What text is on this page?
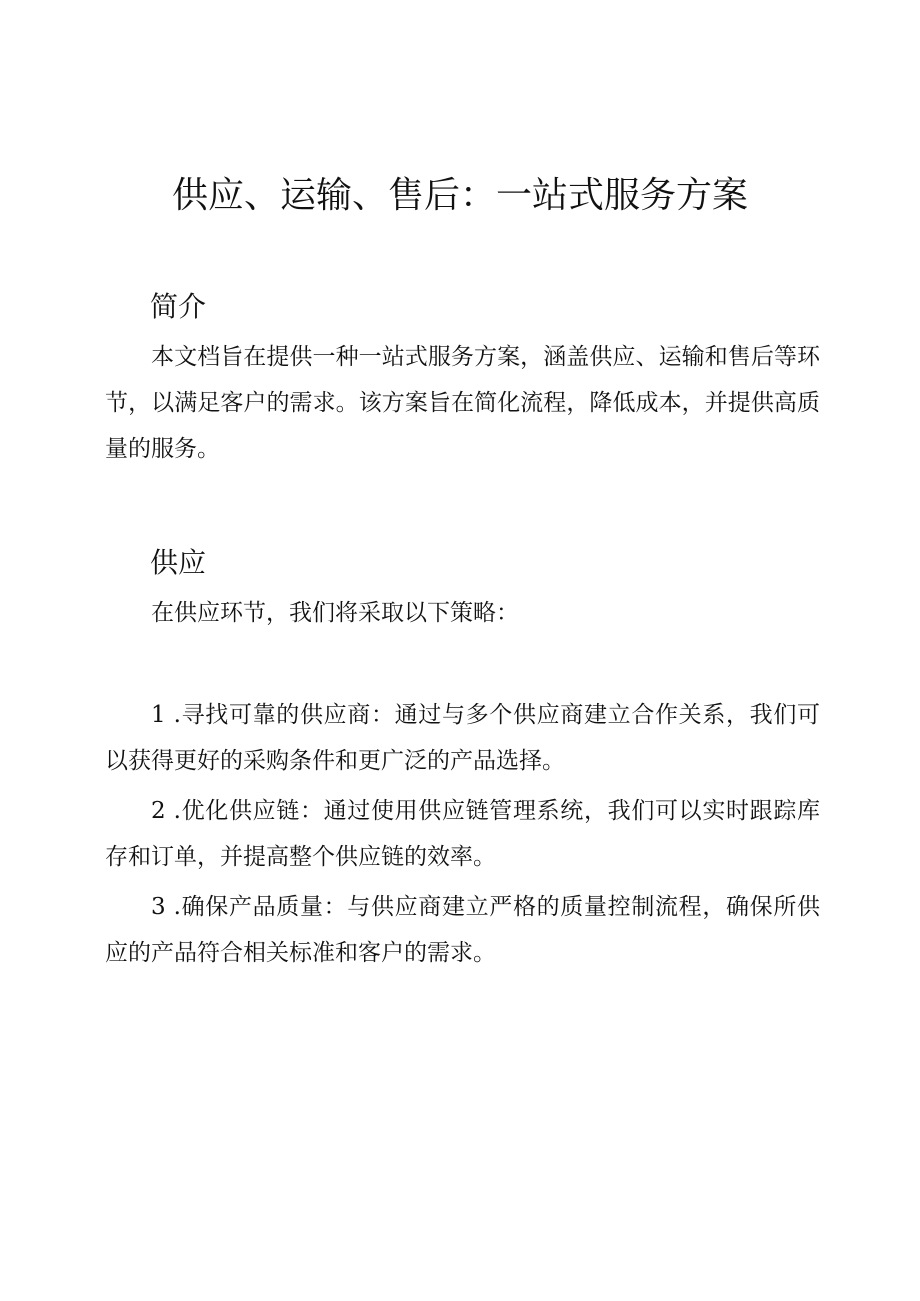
供应、运输、售后：一站式服务方案
简介

本文档旨在提供一种一站式服务方案，涵盖供应、运输和售后等环节，以满足客户的需求。该方案旨在简化流程，降低成本，并提供高质量的服务。

供应

在供应环节，我们将采取以下策略：

1 .寻找可靠的供应商：通过与多个供应商建立合作关系，我们可以获得更好的采购条件和更广泛的产品选择。

2 .优化供应链：通过使用供应链管理系统，我们可以实时跟踪库存和订单，并提高整个供应链的效率。

3 .确保产品质量：与供应商建立严格的质量控制流程，确保所供应的产品符合相关标准和客户的需求。
